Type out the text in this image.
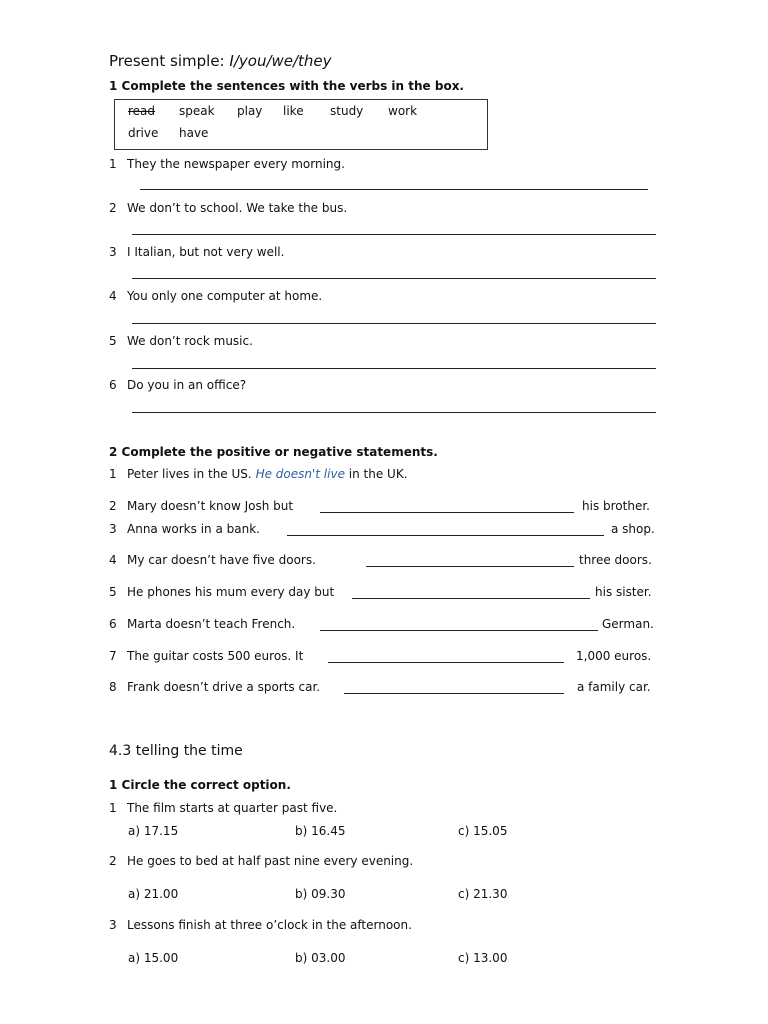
Present simple: I/you/we/they
1 Complete the sentences with the verbs in the box.
read speak play like study work
drive have
1 They the newspaper every morning.
2 We don’t to school. We take the bus.
3 I Italian, but not very well.
4 You only one computer at home.
5 We don’t rock music.
6 Do you in an office?
2 Complete the positive or negative statements.
1 Peter lives in the US. He doesn't live in the UK.
2 Mary doesn’t know Josh but	his brother.
3 Anna works in a bank.	a shop.
4 My car doesn’t have five doors.	three doors.
5 He phones his mum every day but	his sister.
6 Marta doesn’t teach French.	German.
7 The guitar costs 500 euros. It	1,000 euros.
8 Frank doesn’t drive a sports car.	a family car.
4.3 telling the time
1 Circle the correct option.
1 The film starts at quarter past five.
a) 17.15	b) 16.45	c) 15.05
2 He goes to bed at half past nine every evening.
a) 21.00	b) 09.30	c) 21.30
3 Lessons finish at three o’clock in the afternoon.
a) 15.00	b) 03.00	c) 13.00
